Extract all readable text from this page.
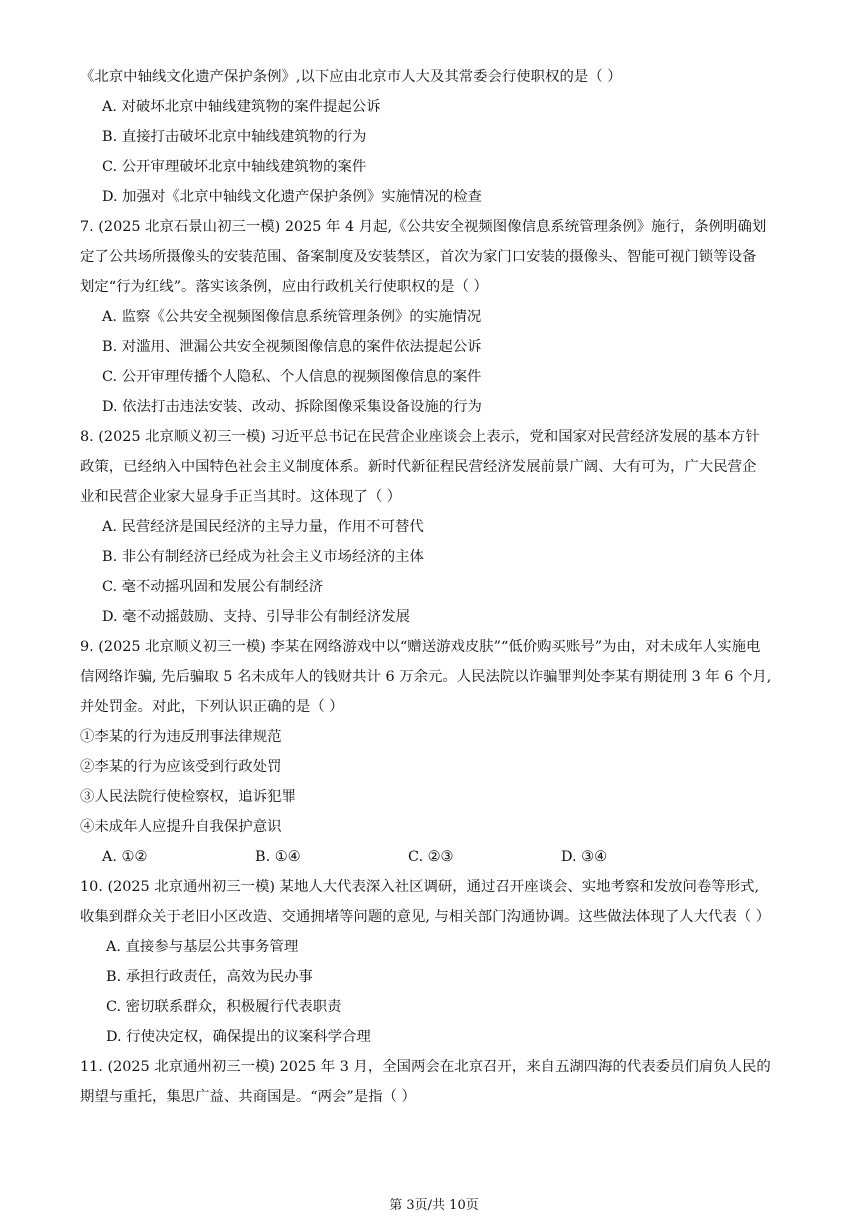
《北京中轴线文化遗产保护条例》,以下应由北京市人大及其常委会行使职权的是（ ）
A. 对破坏北京中轴线建筑物的案件提起公诉
B. 直接打击破坏北京中轴线建筑物的行为
C. 公开审理破坏北京中轴线建筑物的案件
D. 加强对《北京中轴线文化遗产保护条例》实施情况的检查
7. (2025 北京石景山初三一模) 2025 年 4 月起,《公共安全视频图像信息系统管理条例》施行，条例明确划
定了公共场所摄像头的安装范围、备案制度及安装禁区，首次为家门口安装的摄像头、智能可视门锁等设备
划定“行为红线”。落实该条例，应由行政机关行使职权的是（ ）
A. 监察《公共安全视频图像信息系统管理条例》的实施情况
B. 对滥用、泄漏公共安全视频图像信息的案件依法提起公诉
C. 公开审理传播个人隐私、个人信息的视频图像信息的案件
D. 依法打击违法安装、改动、拆除图像采集设备设施的行为
8. (2025 北京顺义初三一模) 习近平总书记在民营企业座谈会上表示，党和国家对民营经济发展的基本方针
政策，已经纳入中国特色社会主义制度体系。新时代新征程民营经济发展前景广阔、大有可为，广大民营企
业和民营企业家大显身手正当其时。这体现了（ ）
A. 民营经济是国民经济的主导力量，作用不可替代
B. 非公有制经济已经成为社会主义市场经济的主体
C. 毫不动摇巩固和发展公有制经济
D. 毫不动摇鼓励、支持、引导非公有制经济发展
9. (2025 北京顺义初三一模) 李某在网络游戏中以“赠送游戏皮肤”“低价购买账号”为由，对未成年人实施电
信网络诈骗, 先后骗取 5 名未成年人的钱财共计 6 万余元。人民法院以诈骗罪判处李某有期徒刑 3 年 6 个月,
并处罚金。对此，下列认识正确的是（ ）
①李某的行为违反刑事法律规范
②李某的行为应该受到行政处罚
③人民法院行使检察权，追诉犯罪
④未成年人应提升自我保护意识
A. ①②	B. ①④	C. ②③	D. ③④
10. (2025 北京通州初三一模) 某地人大代表深入社区调研，通过召开座谈会、实地考察和发放问卷等形式,
收集到群众关于老旧小区改造、交通拥堵等问题的意见, 与相关部门沟通协调。这些做法体现了人大代表（ ）
A. 直接参与基层公共事务管理
B. 承担行政责任，高效为民办事
C. 密切联系群众，积极履行代表职责
D. 行使决定权，确保提出的议案科学合理
11. (2025 北京通州初三一模) 2025 年 3 月，全国两会在北京召开，来自五湖四海的代表委员们肩负人民的
期望与重托，集思广益、共商国是。“两会”是指（ ）
第 3页/共 10页
